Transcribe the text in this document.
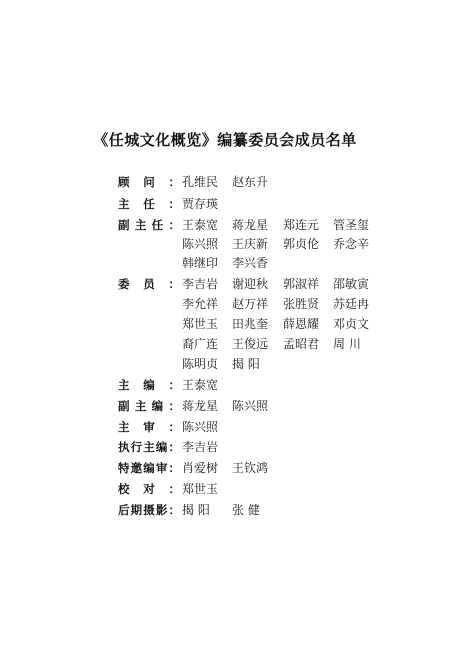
《任城文化概览》编纂委员会成员名单
顾 问 ： 孔维民 赵东升
主 任 ： 贾存瑛
副 主 任 ： 王泰宽 蒋龙星 郑连元 管圣玺
陈兴照 王庆新 郭贞伦 乔念辛
韩继印 李兴香
委 员 ： 李吉岩 谢迎秋 郭淑祥 邵敏寅
李允祥 赵万祥 张胜贤 苏廷冉
郑世玉 田兆奎 薛恩耀 邓贞文
裔广连 王俊远 孟昭君 周 川
陈明贞 揭 阳
主 编 ： 王泰宽
副 主 编 ： 蒋龙星 陈兴照
主 审 ： 陈兴照
执 行 主 编 ： 李吉岩
特 邀 编 审 ： 肖爱树 王钦鸿
校 对 ： 郑世玉
后 期 摄 影 ： 揭 阳 张 健
